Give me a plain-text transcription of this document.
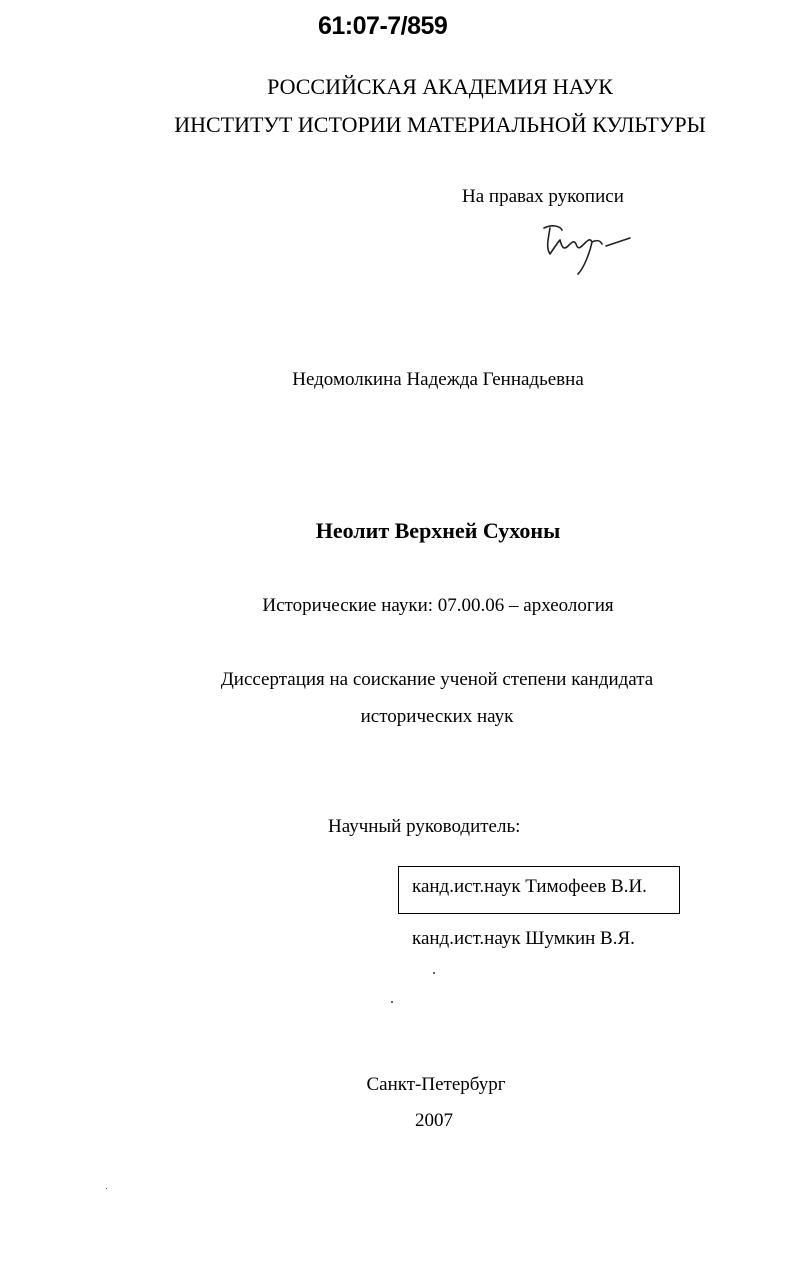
61:07-7/859
РОССИЙСКАЯ АКАДЕМИЯ НАУК
ИНСТИТУТ ИСТОРИИ МАТЕРИАЛЬНОЙ КУЛЬТУРЫ
На правах рукописи
Недомолкина Надежда Геннадьевна
Неолит Верхней Сухоны
Исторические науки: 07.00.06 – археология
Диссертация на соискание ученой степени кандидата
исторических наук
Научный руководитель:
канд.ист.наук Тимофеев В.И.
канд.ист.наук Шумкин В.Я.
Санкт-Петербург
2007
